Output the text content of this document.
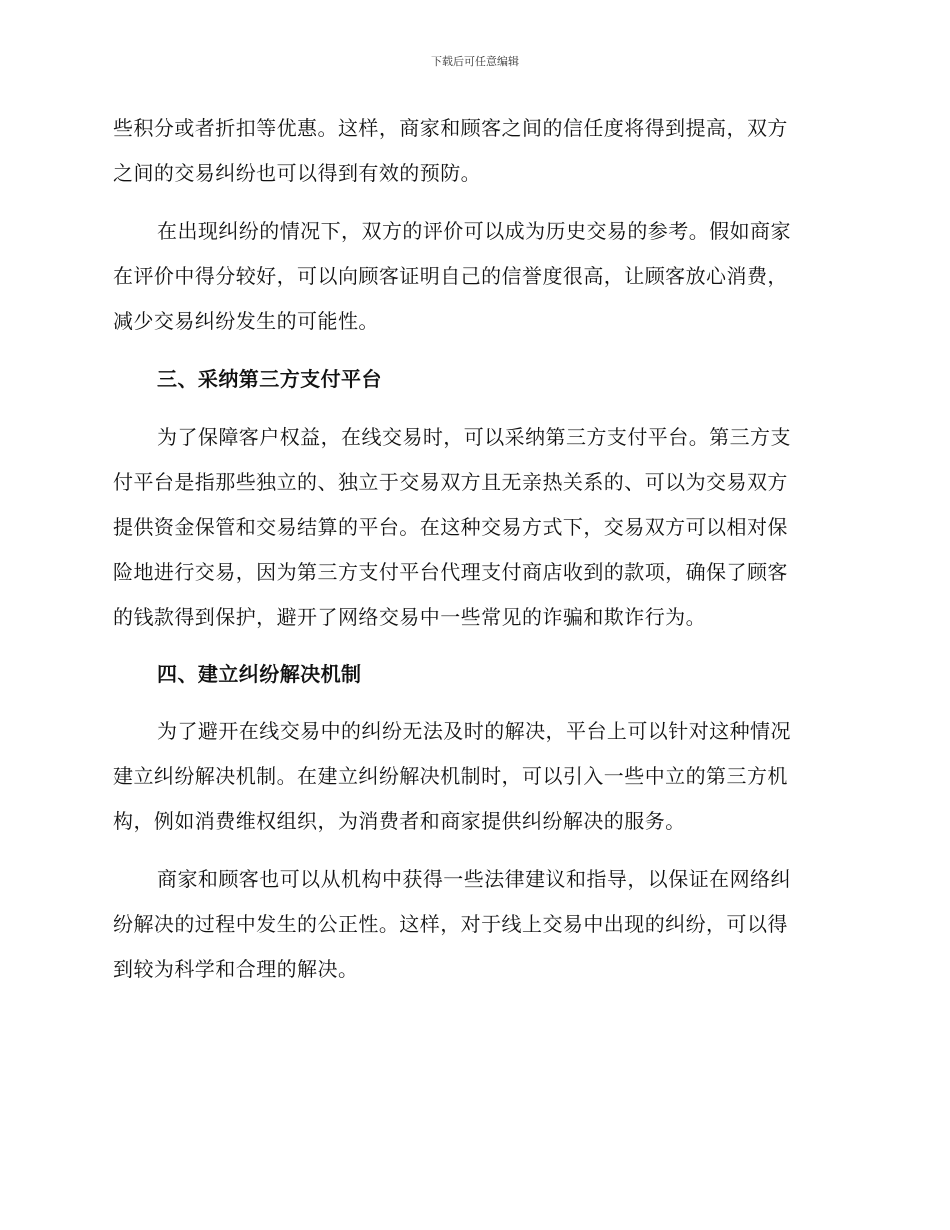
下载后可任意编辑
些积分或者折扣等优惠。这样，商家和顾客之间的信任度将得到提高，双方
之间的交易纠纷也可以得到有效的预防。
在出现纠纷的情况下，双方的评价可以成为历史交易的参考。假如商家
在评价中得分较好，可以向顾客证明自己的信誉度很高，让顾客放心消费，
减少交易纠纷发生的可能性。
三、采纳第三方支付平台
为了保障客户权益，在线交易时，可以采纳第三方支付平台。第三方支
付平台是指那些独立的、独立于交易双方且无亲热关系的、可以为交易双方
提供资金保管和交易结算的平台。在这种交易方式下，交易双方可以相对保
险地进行交易，因为第三方支付平台代理支付商店收到的款项，确保了顾客
的钱款得到保护，避开了网络交易中一些常见的诈骗和欺诈行为。
四、建立纠纷解决机制
为了避开在线交易中的纠纷无法及时的解决，平台上可以针对这种情况
建立纠纷解决机制。在建立纠纷解决机制时，可以引入一些中立的第三方机
构，例如消费维权组织，为消费者和商家提供纠纷解决的服务。
商家和顾客也可以从机构中获得一些法律建议和指导，以保证在网络纠
纷解决的过程中发生的公正性。这样，对于线上交易中出现的纠纷，可以得
到较为科学和合理的解决。
